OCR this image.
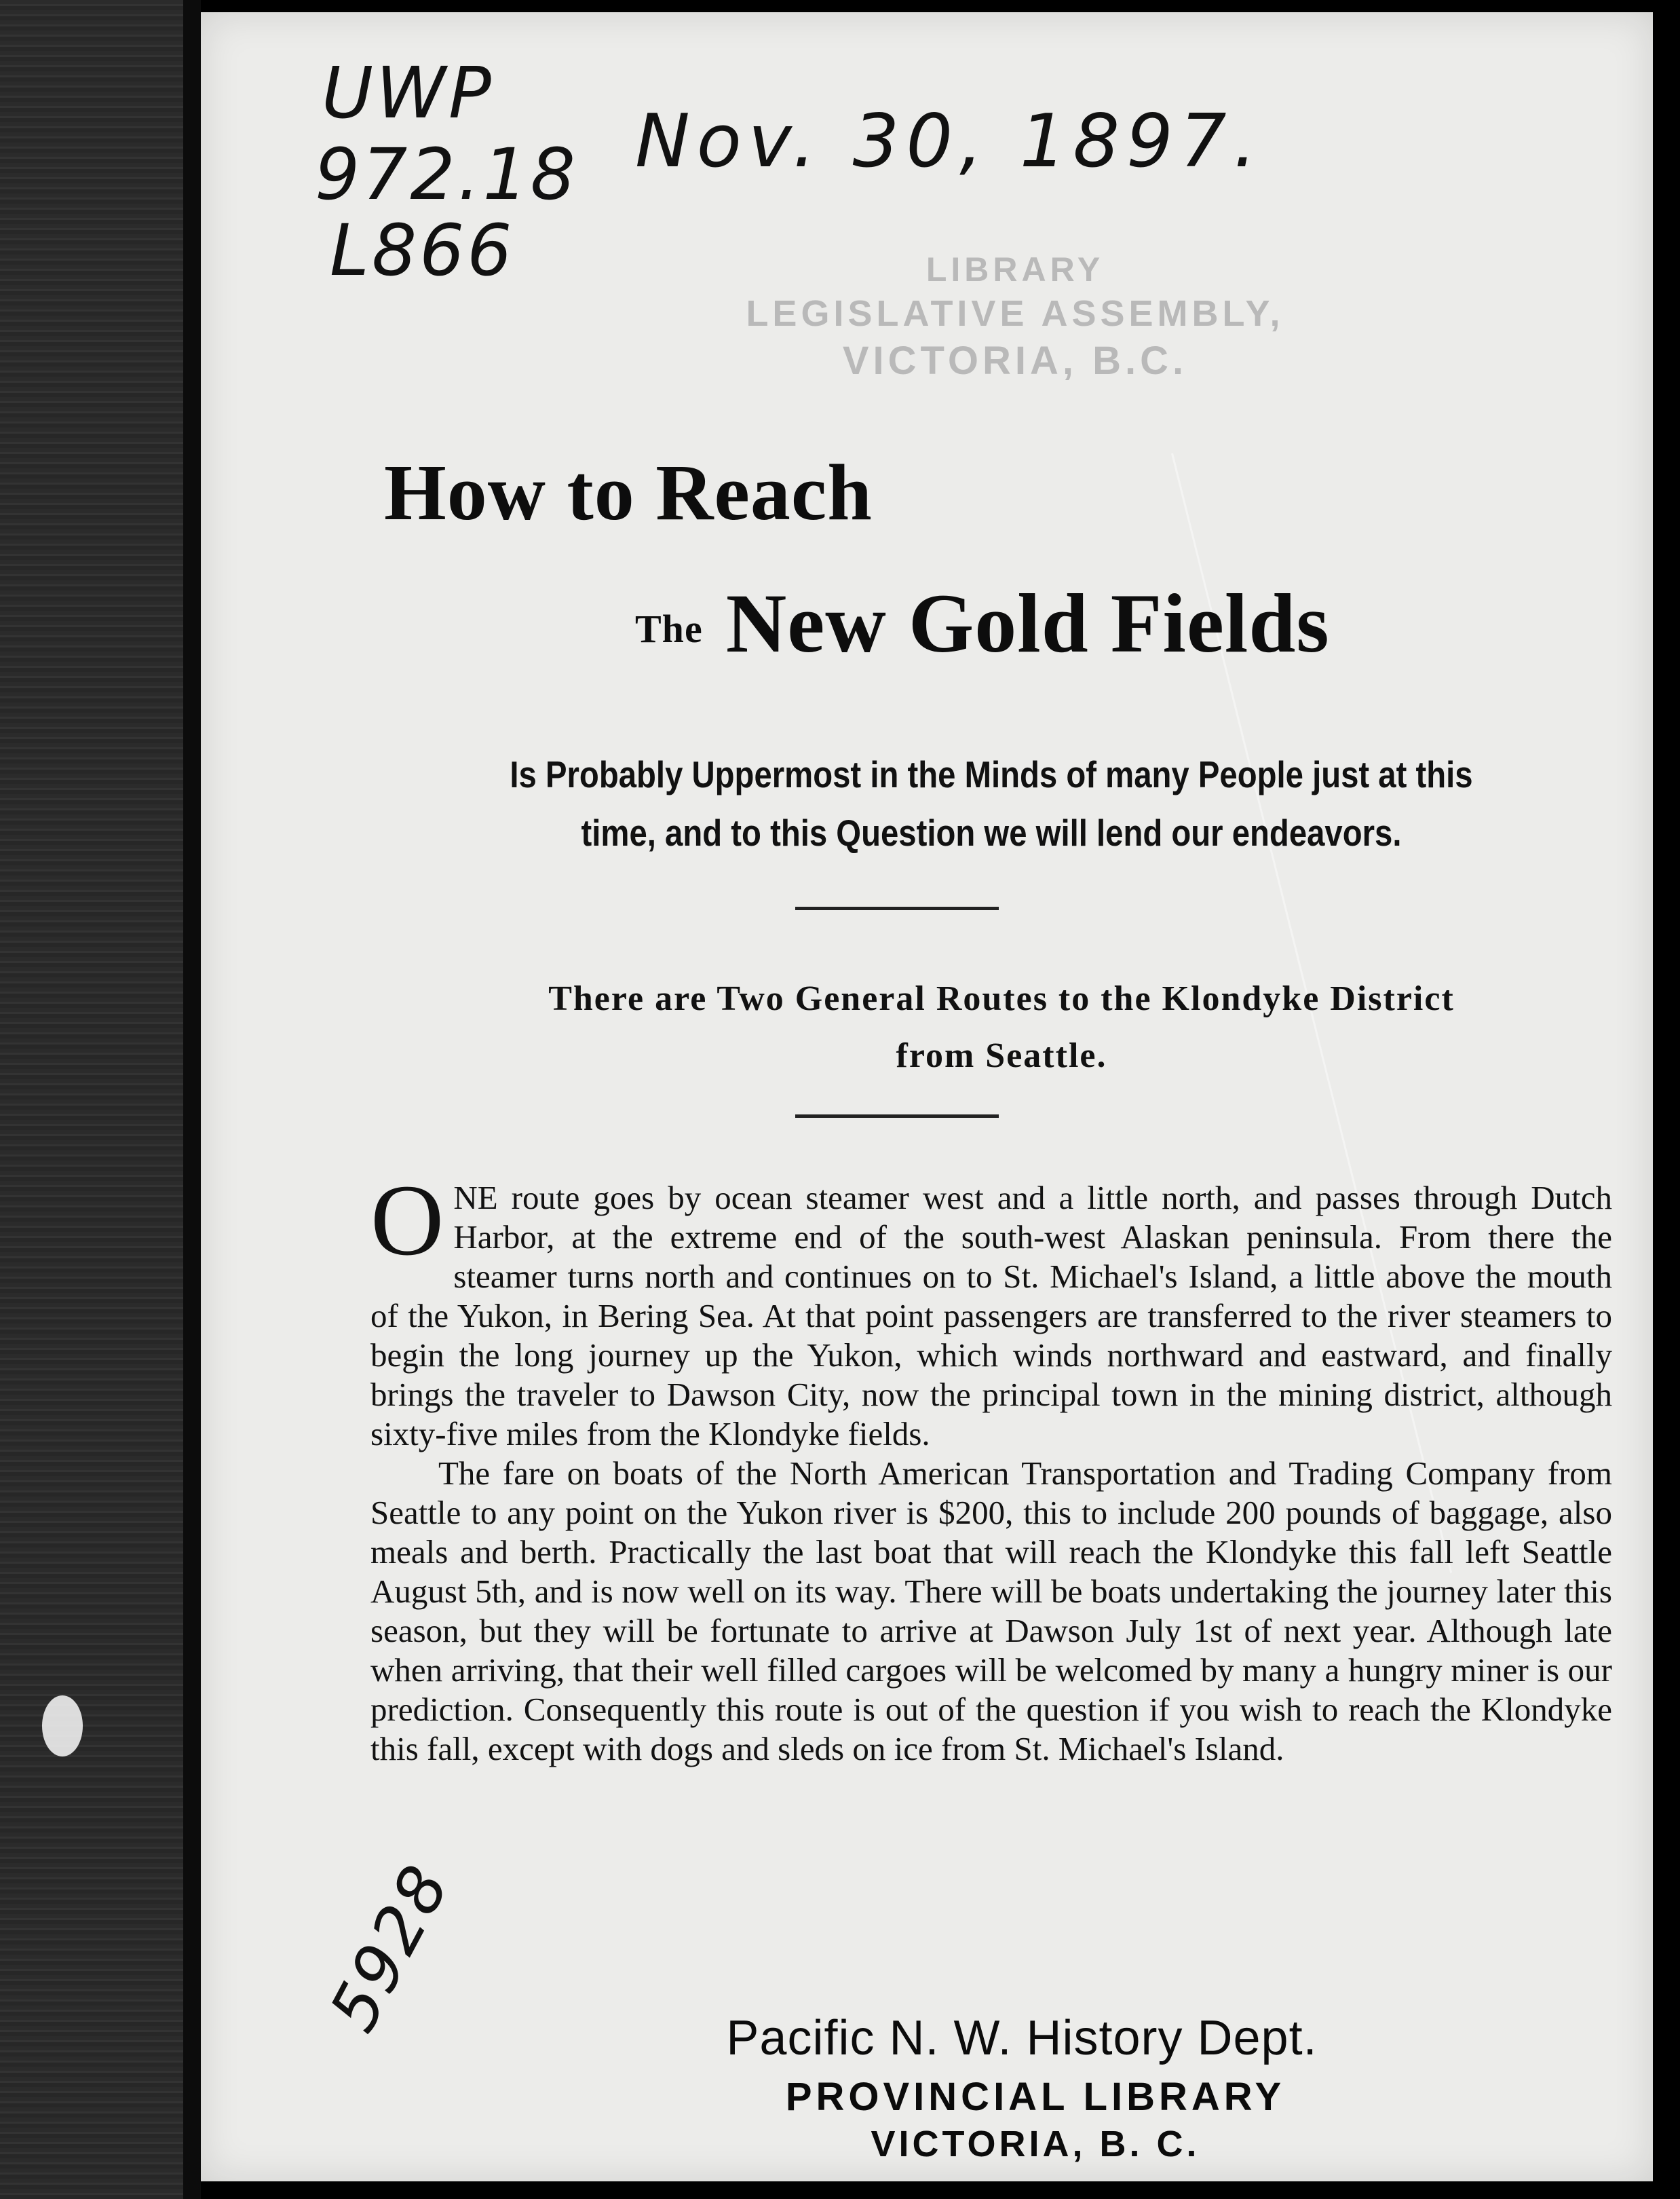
UWP
972.18
L866
Nov. 30, 1897.
LIBRARY
LEGISLATIVE ASSEMBLY,
VICTORIA, B.C.
How to Reach
The New Gold Fields
Is Probably Uppermost in the Minds of many People just at this
time, and to this Question we will lend our endeavors.
There are Two General Routes to the Klondyke District
from Seattle.

ONE route goes by ocean steamer west and a little north, and passes through Dutch Harbor, at the extreme end of the south-west Alaskan peninsula. From there the steamer turns north and continues on to St. Michael's Island, a little above the mouth of the Yukon, in Bering Sea. At that point passengers are transferred to the river steamers to begin the long journey up the Yukon, which winds northward and eastward, and finally brings the traveler to Dawson City, now the principal town in the mining district, although sixty-five miles from the Klondyke fields.

The fare on boats of the North American Transportation and Trading Company from Seattle to any point on the Yukon river is $200, this to include 200 pounds of baggage, also meals and berth. Practically the last boat that will reach the Klondyke this fall left Seattle August 5th, and is now well on its way. There will be boats undertaking the journey later this season, but they will be fortunate to arrive at Dawson July 1st of next year. Although late when arriving, that their well filled cargoes will be welcomed by many a hungry miner is our prediction. Consequently this route is out of the question if you wish to reach the Klondyke this fall, except with dogs and sleds on ice from St. Michael's Island.

5928	Pacific N. W. History Dept.
PROVINCIAL LIBRARY
VICTORIA, B. C.
